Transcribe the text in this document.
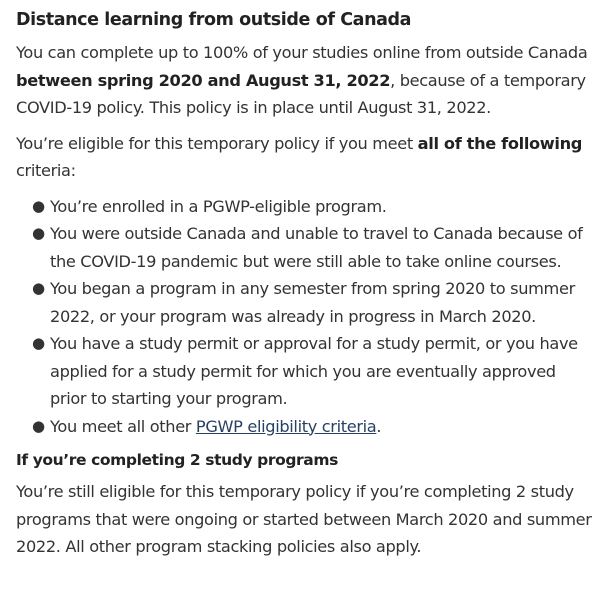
Distance learning from outside of Canada

You can complete up to 100% of your studies online from outside Canada between spring 2020 and August 31, 2022, because of a temporary COVID-19 policy. This policy is in place until August 31, 2022.

You’re eligible for this temporary policy if you meet all of the following criteria:

● You’re enrolled in a PGWP-eligible program.
● You were outside Canada and unable to travel to Canada because of the COVID-19 pandemic but were still able to take online courses.
● You began a program in any semester from spring 2020 to summer 2022, or your program was already in progress in March 2020.
● You have a study permit or approval for a study permit, or you have applied for a study permit for which you are eventually approved prior to starting your program.
● You meet all other PGWP eligibility criteria.
If you’re completing 2 study programs

You’re still eligible for this temporary policy if you’re completing 2 study programs that were ongoing or started between March 2020 and summer 2022. All other program stacking policies also apply.
